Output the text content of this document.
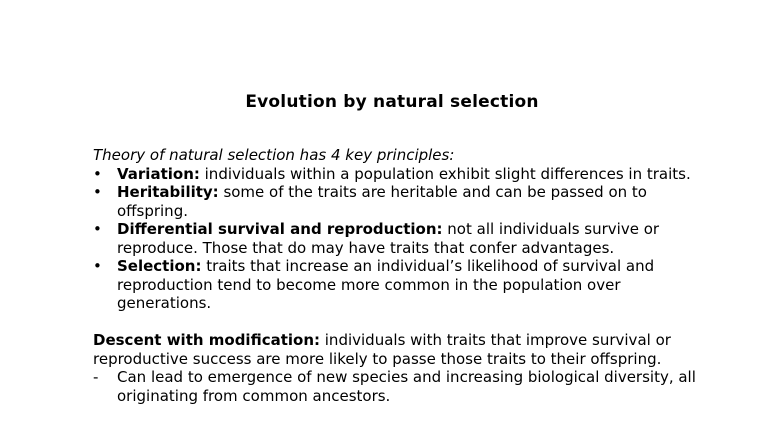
Evolution by natural selection

Theory of natural selection has 4 key principles:

• Variation: individuals within a population exhibit slight differences in traits.
• Heritability: some of the traits are heritable and can be passed on to offspring.
• Differential survival and reproduction: not all individuals survive or reproduce. Those that do may have traits that confer advantages.
• Selection: traits that increase an individual’s likelihood of survival and reproduction tend to become more common in the population over generations.

Descent with modification: individuals with traits that improve survival or reproductive success are more likely to passe those traits to their offspring.

- Can lead to emergence of new species and increasing biological diversity, all originating from common ancestors.
